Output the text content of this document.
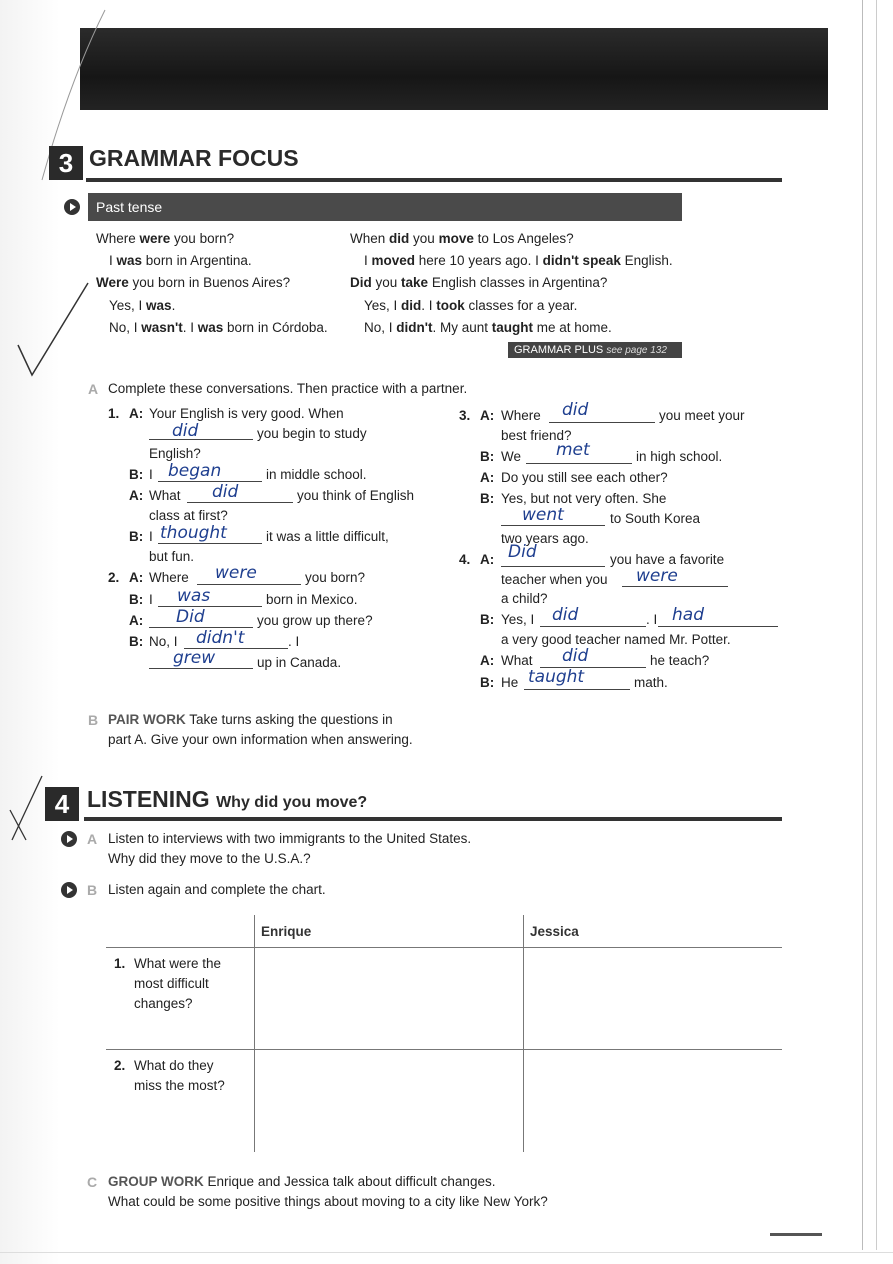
3 GRAMMAR FOCUS
Past tense
Where were you born?
I was born in Argentina.
Were you born in Buenos Aires?
Yes, I was.
No, I wasn't. I was born in Córdoba.
When did you move to Los Angeles?
I moved here 10 years ago. I didn't speak English.
Did you take English classes in Argentina?
Yes, I did. I took classes for a year.
No, I didn't. My aunt taught me at home.
GRAMMAR PLUS see page 132
A Complete these conversations. Then practice with a partner.
1. A: Your English is very good. When
did	you begin to study
English?
B: I began	in middle school.
A: What did	you think of English
class at first?
B: I thought	it was a little difficult,
but fun.
2. A: Where were	you born?
B: I was	born in Mexico.
A: Did	you grow up there?
B: No, I didn't	. I
grew	up in Canada.
3. A: Where did	you meet your
best friend?
B: We met	in high school.
A: Do you still see each other?
B: Yes, but not very often. She
went	to South Korea
two years ago.
4. A: Did	you have a favorite
teacher when you were
a child?
B: Yes, I did	. I had
a very good teacher named Mr. Potter.
A: What did	he teach?
B: He taught	math.
B PAIR WORK Take turns asking the questions in
part A. Give your own information when answering.
4 LISTENING Why did you move?
A Listen to interviews with two immigrants to the United States.
Why did they move to the U.S.A.?
B Listen again and complete the chart.
	Enrique	Jessica

1. What were the
most difficult
changes?		

2. What do they
miss the most?		

C GROUP WORK Enrique and Jessica talk about difficult changes.
What could be some positive things about moving to a city like New York?
